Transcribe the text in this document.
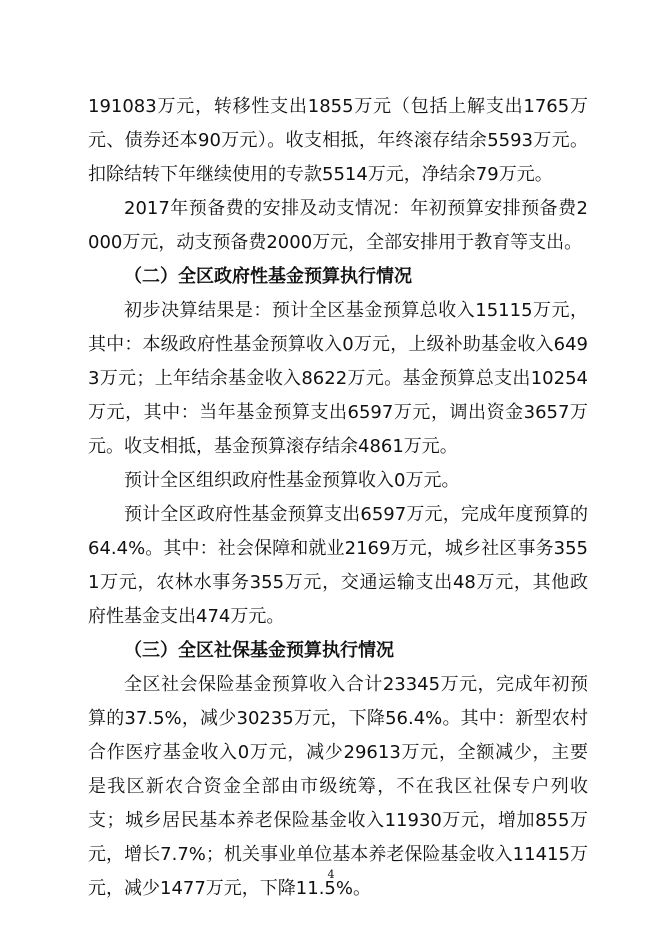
191083万元，转移性支出1855万元（包括上解支出1765万元、债券还本90万元）。收支相抵，年终滚存结余5593万元。扣除结转下年继续使用的专款5514万元，净结余79万元。

2017年预备费的安排及动支情况：年初预算安排预备费2000万元，动支预备费2000万元，全部安排用于教育等支出。

（二）全区政府性基金预算执行情况

初步决算结果是：预计全区基金预算总收入15115万元，其中：本级政府性基金预算收入0万元，上级补助基金收入6493万元；上年结余基金收入8622万元。基金预算总支出10254万元，其中：当年基金预算支出6597万元，调出资金3657万元。收支相抵，基金预算滚存结余4861万元。

预计全区组织政府性基金预算收入0万元。

预计全区政府性基金预算支出6597万元，完成年度预算的64.4%。其中：社会保障和就业2169万元，城乡社区事务3551万元，农林水事务355万元，交通运输支出48万元，其他政府性基金支出474万元。

（三）全区社保基金预算执行情况

全区社会保险基金预算收入合计23345万元，完成年初预算的37.5%，减少30235万元，下降56.4%。其中：新型农村合作医疗基金收入0万元，减少29613万元，全额减少，主要是我区新农合资金全部由市级统筹，不在我区社保专户列收支；城乡居民基本养老保险基金收入11930万元，增加855万元，增长7.7%；机关事业单位基本养老保险基金收入11415万元，减少1477万元，下降11.5%。

4
